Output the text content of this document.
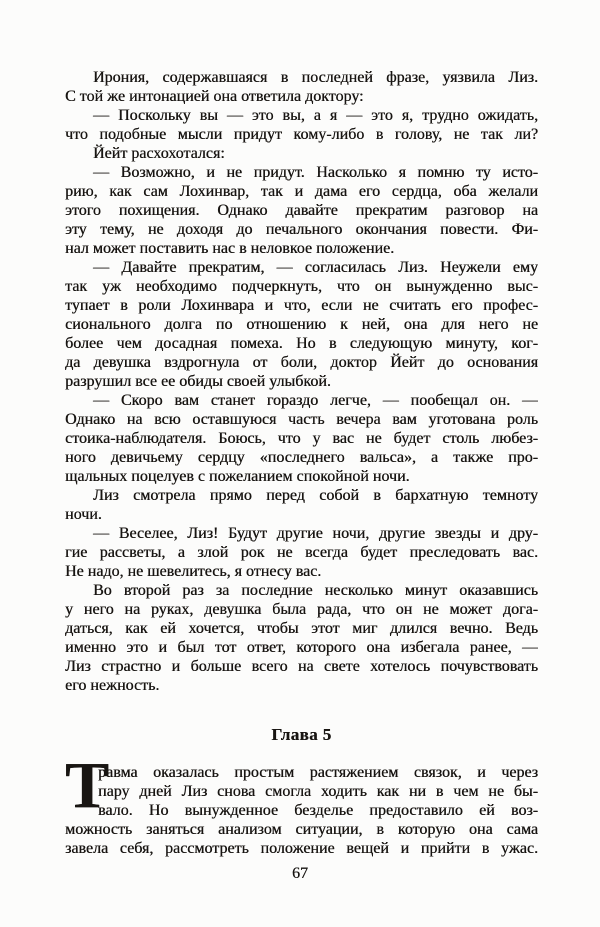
Ирония, содержавшаяся в последней фразе, уязвила Лиз.
С той же интонацией она ответила доктору:
— Поскольку вы — это вы, а я — это я, трудно ожидать,
что подобные мысли придут кому-либо в голову, не так ли?
Йейт расхохотался:
— Возможно, и не придут. Насколько я помню ту исто-
рию, как сам Лохинвар, так и дама его сердца, оба желали
этого похищения. Однако давайте прекратим разговор на
эту тему, не доходя до печального окончания повести. Фи-
нал может поставить нас в неловкое положение.
— Давайте прекратим, — согласилась Лиз. Неужели ему
так уж необходимо подчеркнуть, что он вынужденно выс-
тупает в роли Лохинвара и что, если не считать его профес-
сионального долга по отношению к ней, она для него не
более чем досадная помеха. Но в следующую минуту, ког-
да девушка вздрогнула от боли, доктор Йейт до основания
разрушил все ее обиды своей улыбкой.
— Скоро вам станет гораздо легче, — пообещал он. —
Однако на всю оставшуюся часть вечера вам уготована роль
стоика-наблюдателя. Боюсь, что у вас не будет столь любез-
ного девичьему сердцу «последнего вальса», а также про-
щальных поцелуев с пожеланием спокойной ночи.
Лиз смотрела прямо перед собой в бархатную темноту
ночи.
— Веселее, Лиз! Будут другие ночи, другие звезды и дру-
гие рассветы, а злой рок не всегда будет преследовать вас.
Не надо, не шевелитесь, я отнесу вас.
Во второй раз за последние несколько минут оказавшись
у него на руках, девушка была рада, что он не может дога-
даться, как ей хочется, чтобы этот миг длился вечно. Ведь
именно это и был тот ответ, которого она избегала ранее, —
Лиз страстно и больше всего на свете хотелось почувствовать
его нежность.
Глава 5
Т
равма оказалась простым растяжением связок, и через
пару дней Лиз снова смогла ходить как ни в чем не бы-
вало. Но вынужденное безделье предоставило ей воз-
можность заняться анализом ситуации, в которую она сама
завела себя, рассмотреть положение вещей и прийти в ужас.
67
